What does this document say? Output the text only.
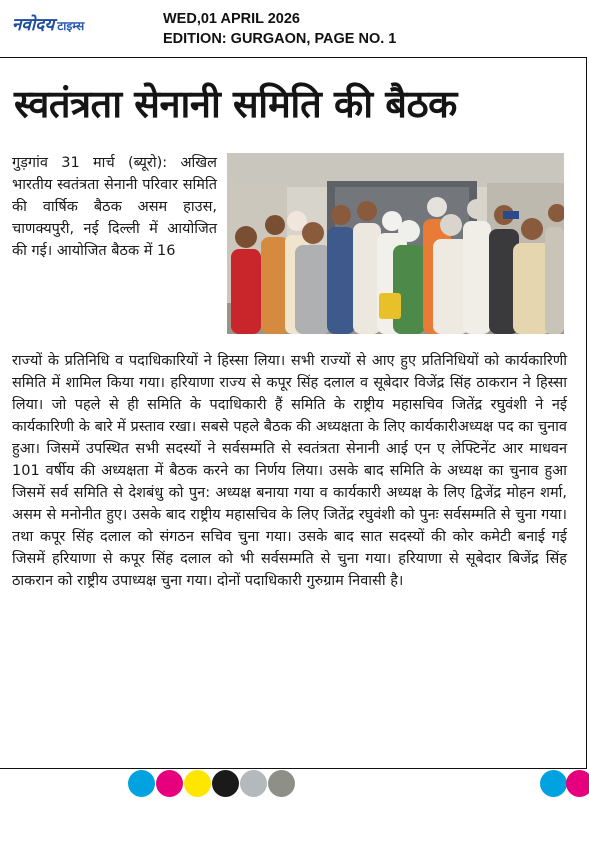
नवोदय टाइम्स	WED,01 APRIL 2026
EDITION: GURGAON, PAGE NO. 1
स्वतंत्रता सेनानी समिति की बैठक
गुड़गांव 31 मार्च (ब्यूरो): अखिल भारतीय स्वतंत्रता सेनानी परिवार समिति की वार्षिक बैठक असम हाउस, चाणक्यपुरी, नई दिल्ली में आयोजित की गई। आयोजित बैठक में 16
राज्यों के प्रतिनिधि व पदाधिकारियों ने हिस्सा लिया। सभी राज्यों से आए हुए प्रतिनिधियों को कार्यकारिणी समिति में शामिल किया गया। हरियाणा राज्य से कपूर सिंह दलाल व सूबेदार विजेंद्र सिंह ठाकरान ने हिस्सा लिया। जो पहले से ही समिति के पदाधिकारी हैं समिति के राष्ट्रीय महासचिव जितेंद्र रघुवंशी ने नई कार्यकारिणी के बारे में प्रस्ताव रखा। सबसे पहले बैठक की अध्यक्षता के लिए कार्यकारीअध्यक्ष पद का चुनाव हुआ। जिसमें उपस्थित सभी सदस्यों ने सर्वसम्मति से स्वतंत्रता सेनानी आई एन ए लेफ्टिनेंट आर माधवन 101 वर्षीय की अध्यक्षता में बैठक करने का निर्णय लिया। उसके बाद समिति के अध्यक्ष का चुनाव हुआ जिसमें सर्व समिति से देशबंधु को पुन: अध्यक्ष बनाया गया व कार्यकारी अध्यक्ष के लिए द्विजेंद्र मोहन शर्मा, असम से मनोनीत हुए। उसके बाद राष्ट्रीय महासचिव के लिए जितेंद्र रघुवंशी को पुनः सर्वसम्मति से चुना गया। तथा कपूर सिंह दलाल को संगठन सचिव चुना गया। उसके बाद सात सदस्यों की कोर कमेटी बनाई गई जिसमें हरियाणा से कपूर सिंह दलाल को भी सर्वसम्मति से चुना गया। हरियाणा से सूबेदार बिजेंद्र सिंह ठाकरान को राष्ट्रीय उपाध्यक्ष चुना गया। दोनों पदाधिकारी गुरुग्राम निवासी है।
